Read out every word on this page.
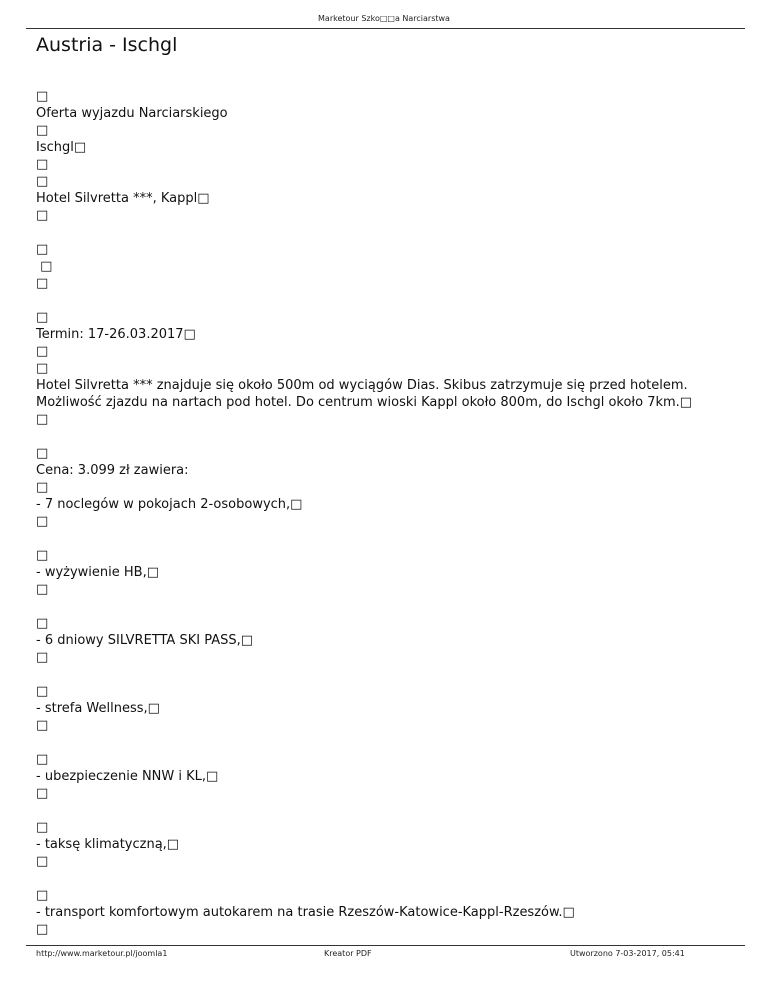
Marketour Szko□□a Narciarstwa
Austria - Ischgl
□
Oferta wyjazdu Narciarskiego
□
Ischgl□
□
□
Hotel Silvretta ***, Kappl□
□
□
□
□
□
Termin: 17-26.03.2017□
□
□
Hotel Silvretta *** znajduje się około 500m od wyciągów Dias. Skibus zatrzymuje się przed hotelem.
Możliwość zjazdu na nartach pod hotel. Do centrum wioski Kappl około 800m, do Ischgl około 7km.□
□
□
Cena: 3.099 zł zawiera:
□
- 7 noclegów w pokojach 2-osobowych,□
□
□
- wyżywienie HB,□
□
□
- 6 dniowy SILVRETTA SKI PASS,□
□
□
- strefa Wellness,□
□
□
- ubezpieczenie NNW i KL,□
□
□
- taksę klimatyczną,□
□
□
- transport komfortowym autokarem na trasie Rzeszów-Katowice-Kappl-Rzeszów.□
□
http://www.marketour.pl/joomla1	Kreator PDF	Utworzono 7-03-2017, 05:41
